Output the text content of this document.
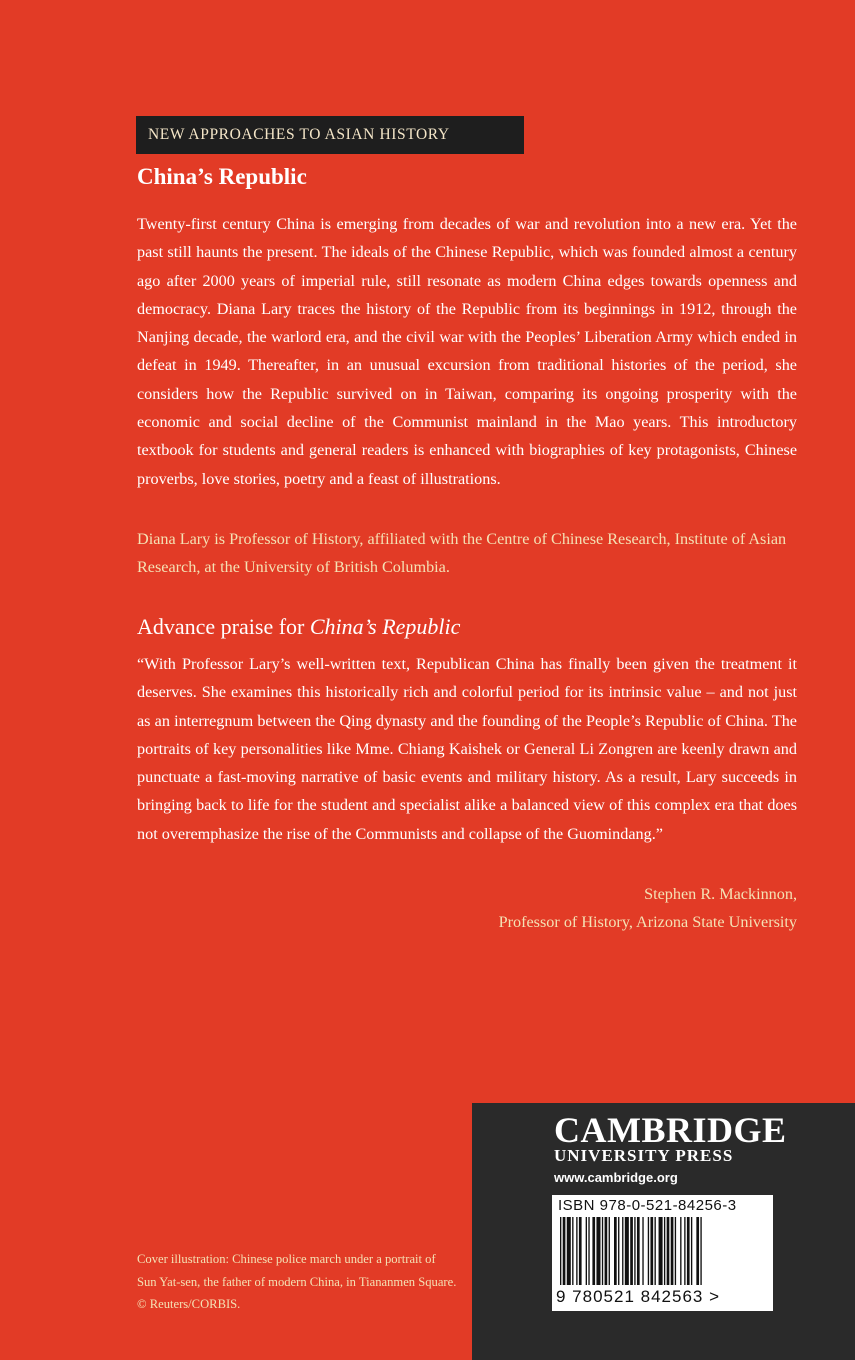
NEW APPROACHES TO ASIAN HISTORY
China’s Republic

Twenty-first century China is emerging from decades of war and revolution into a new era. Yet the past still haunts the present. The ideals of the Chinese Republic, which was founded almost a century ago after 2000 years of imperial rule, still resonate as modern China edges towards openness and democracy. Diana Lary traces the history of the Republic from its beginnings in 1912, through the Nanjing decade, the warlord era, and the civil war with the Peoples’ Liberation Army which ended in defeat in 1949. Thereafter, in an unusual excursion from traditional histories of the period, she considers how the Republic survived on in Taiwan, comparing its ongoing prosperity with the economic and social decline of the Communist mainland in the Mao years. This introductory textbook for students and general readers is enhanced with biographies of key protagonists, Chinese proverbs, love stories, poetry and a feast of illustrations.

Diana Lary is Professor of History, affiliated with the Centre of Chinese Research, Institute of Asian Research, at the University of British Columbia.

Advance praise for China’s Republic

“With Professor Lary’s well-written text, Republican China has finally been given the treatment it deserves. She examines this historically rich and colorful period for its intrinsic value – and not just as an interregnum between the Qing dynasty and the founding of the People’s Republic of China. The portraits of key personalities like Mme. Chiang Kaishek or General Li Zongren are keenly drawn and punctuate a fast-moving narrative of basic events and military history. As a result, Lary succeeds in bringing back to life for the student and specialist alike a balanced view of this complex era that does not overemphasize the rise of the Communists and collapse of the Guomindang.”

Stephen R. Mackinnon,
Professor of History, Arizona State University
Cover illustration: Chinese police march under a portrait of Sun Yat-sen, the father of modern China, in Tiananmen Square. © Reuters/CORBIS.
CAMBRIDGE
UNIVERSITY PRESS
www.cambridge.org
ISBN 978-0-521-84256-3
9 780521 842563 >
